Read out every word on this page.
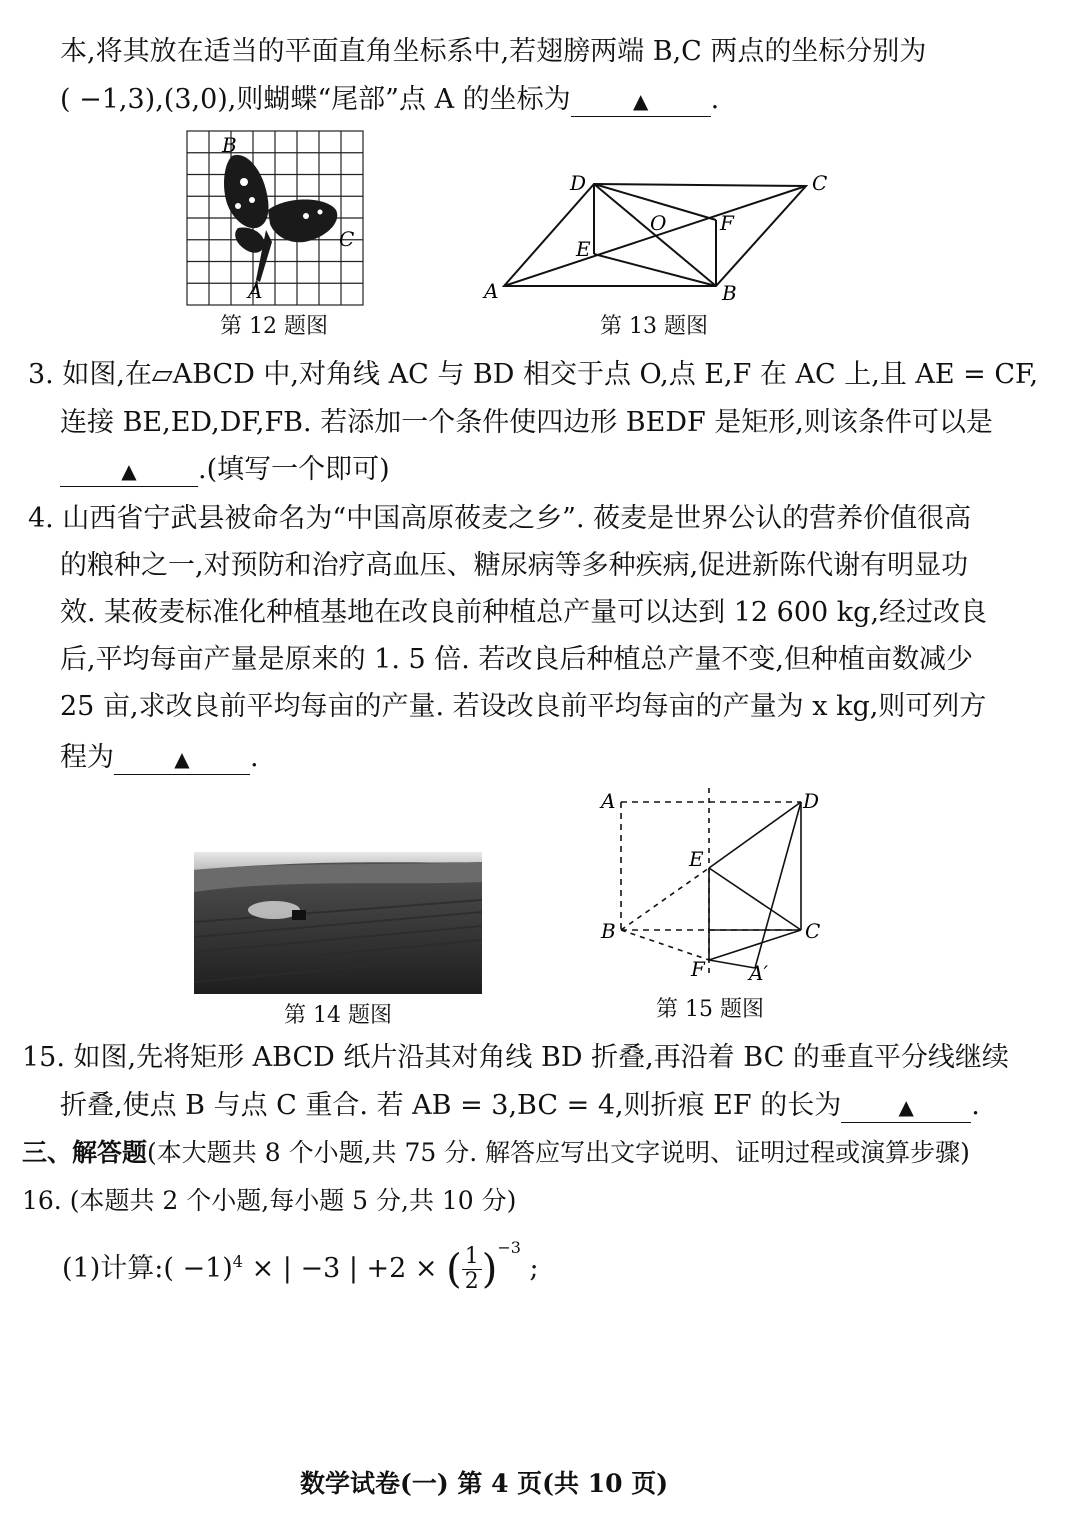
本,将其放在适当的平面直角坐标系中,若翅膀两端 B,C 两点的坐标分别为
( −1,3),(3,0),则蝴蝶“尾部”点 A 的坐标为	▲ .
B
C
A
第 12 题图
A	B
C
D
E
F
O
第 13 题图
3. 如图,在▱ABCD 中,对角线 AC 与 BD 相交于点 O,点 E,F 在 AC 上,且 AE = CF,
连接 BE,ED,DF,FB. 若添加一个条件使四边形 BEDF 是矩形,则该条件可以是
▲ .(填写一个即可)
4. 山西省宁武县被命名为“中国高原莜麦之乡”. 莜麦是世界公认的营养价值很高
的粮种之一,对预防和治疗高血压、糖尿病等多种疾病,促进新陈代谢有明显功
效. 某莜麦标准化种植基地在改良前种植总产量可以达到 12 600 kg,经过改良
后,平均每亩产量是原来的 1. 5 倍. 若改良后种植总产量不变,但种植亩数减少
25 亩,求改良前平均每亩的产量. 若设改良前平均每亩的产量为 x kg,则可列方
程为	▲ .
第 14 题图
A	D
E
B	C
F A′
第 15 题图
15. 如图,先将矩形 ABCD 纸片沿其对角线 BD 折叠,再沿着 BC 的垂直平分线继续
折叠,使点 B 与点 C 重合. 若 AB = 3,BC = 4,则折痕 EF 的长为	▲ .
三、解答题(本大题共 8 个小题,共 75 分. 解答应写出文字说明、证明过程或演算步骤)
16. (本题共 2 个小题,每小题 5 分,共 10 分)
(1)计算:( −1)$^4$ × | −3 | +2 × ( $\frac{1}{2} )^{-3}$ ;
数学试卷(一) 第 4 页(共 10 页)
